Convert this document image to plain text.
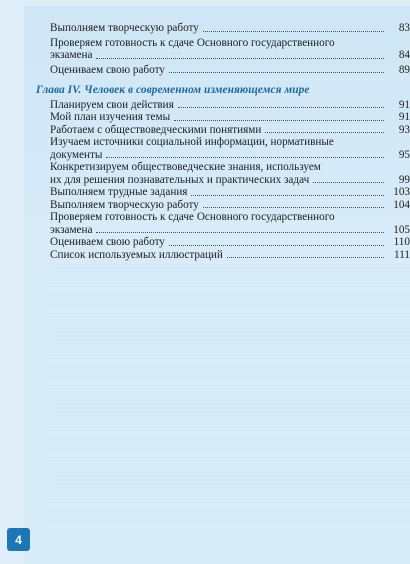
Выполняем творческую работу	83
Проверяем готовность к сдаче Основного государственного
экзамена	84
Оцениваем свою работу	89
Глава IV. Человек в современном изменяющемся мире
Планируем свои действия	91
Мой план изучения темы	91
Работаем с обществоведческими понятиями	93
Изучаем источники социальной информации, нормативные
документы	95
Конкретизируем обществоведческие знания, используем
их для решения познавательных и практических задач	99
Выполняем трудные задания	103
Выполняем творческую работу	104
Проверяем готовность к сдаче Основного государственного
экзамена	105
Оцениваем свою работу	110
Список используемых иллюстраций	111
4
